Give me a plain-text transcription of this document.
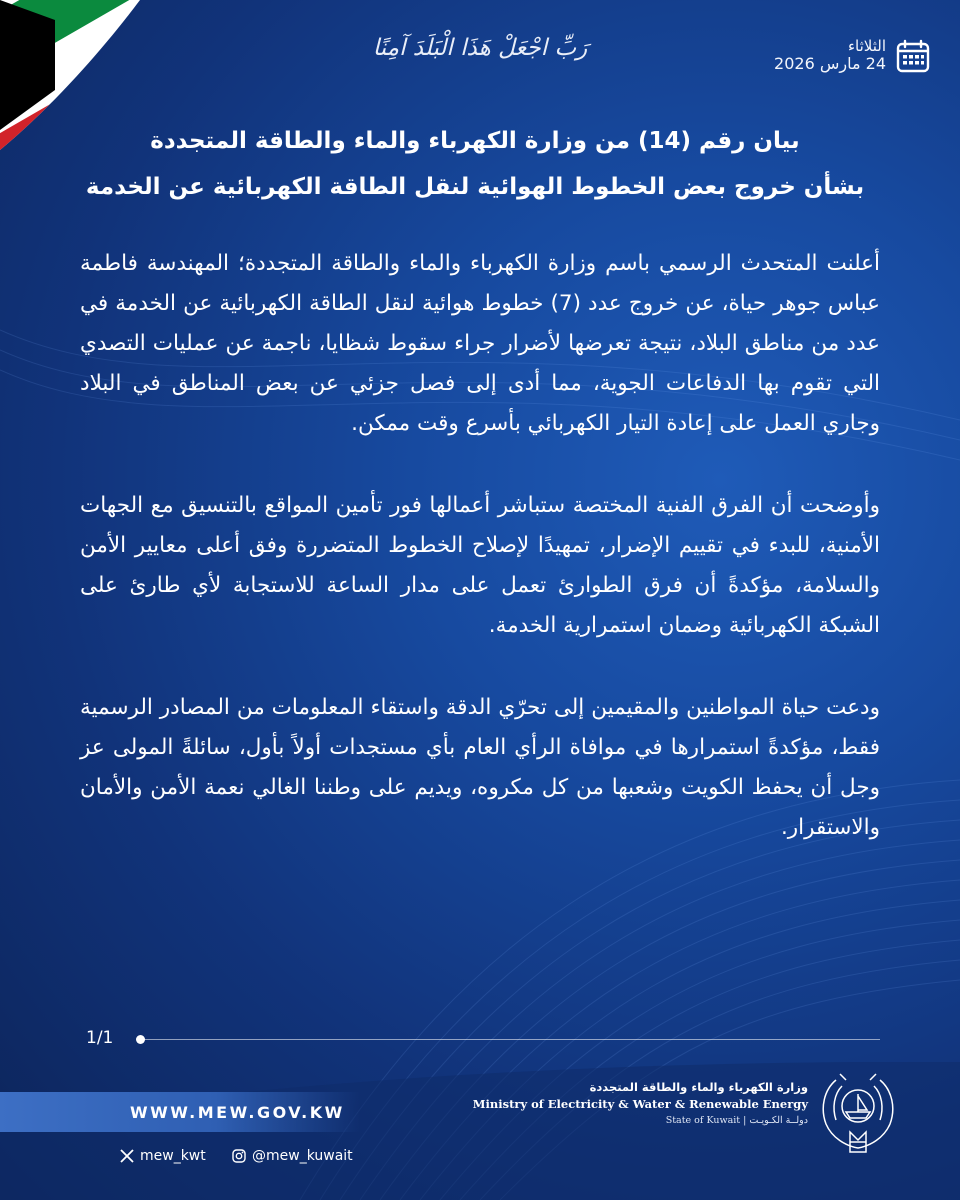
رَبِّ اجْعَلْ هَذَا الْبَلَدَ آمِنًا	الثلاثاء
24 مارس 2026
بيان رقم (14) من وزارة الكهرباء والماء والطاقة المتجددة
بشأن خروج بعض الخطوط الهوائية لنقل الطاقة الكهربائية عن الخدمة

أعلنت المتحدث الرسمي باسم وزارة الكهرباء والماء والطاقة المتجددة؛ المهندسة فاطمة عباس جوهر حياة، عن خروج عدد (7) خطوط هوائية لنقل الطاقة الكهربائية عن الخدمة في عدد من مناطق البلاد، نتيجة تعرضها لأضرار جراء سقوط شظايا، ناجمة عن عمليات التصدي التي تقوم بها الدفاعات الجوية، مما أدى إلى فصل جزئي عن بعض المناطق في البلاد وجاري العمل على إعادة التيار الكهربائي بأسرع وقت ممكن.

وأوضحت أن الفرق الفنية المختصة ستباشر أعمالها فور تأمين المواقع بالتنسيق مع الجهات الأمنية، للبدء في تقييم الإضرار، تمهيدًا لإصلاح الخطوط المتضررة وفق أعلى معايير الأمن والسلامة، مؤكدةً أن فرق الطوارئ تعمل على مدار الساعة للاستجابة لأي طارئ على الشبكة الكهربائية وضمان استمرارية الخدمة.

ودعت حياة المواطنين والمقيمين إلى تحرّي الدقة واستقاء المعلومات من المصادر الرسمية فقط، مؤكدةً استمرارها في موافاة الرأي العام بأي مستجدات أولاً بأول، سائلةً المولى عز وجل أن يحفظ الكويت وشعبها من كل مكروه، ويديم على وطننا الغالي نعمة الأمن والأمان والاستقرار.

1/1
WWW.MEW.GOV.KW
mew_kwt	@mew_kuwait
وزارة الكهرباء والماء والطاقة المتجددة
Ministry of Electricity & Water & Renewable Energy
State of Kuwait | دولــة الكـويـت
